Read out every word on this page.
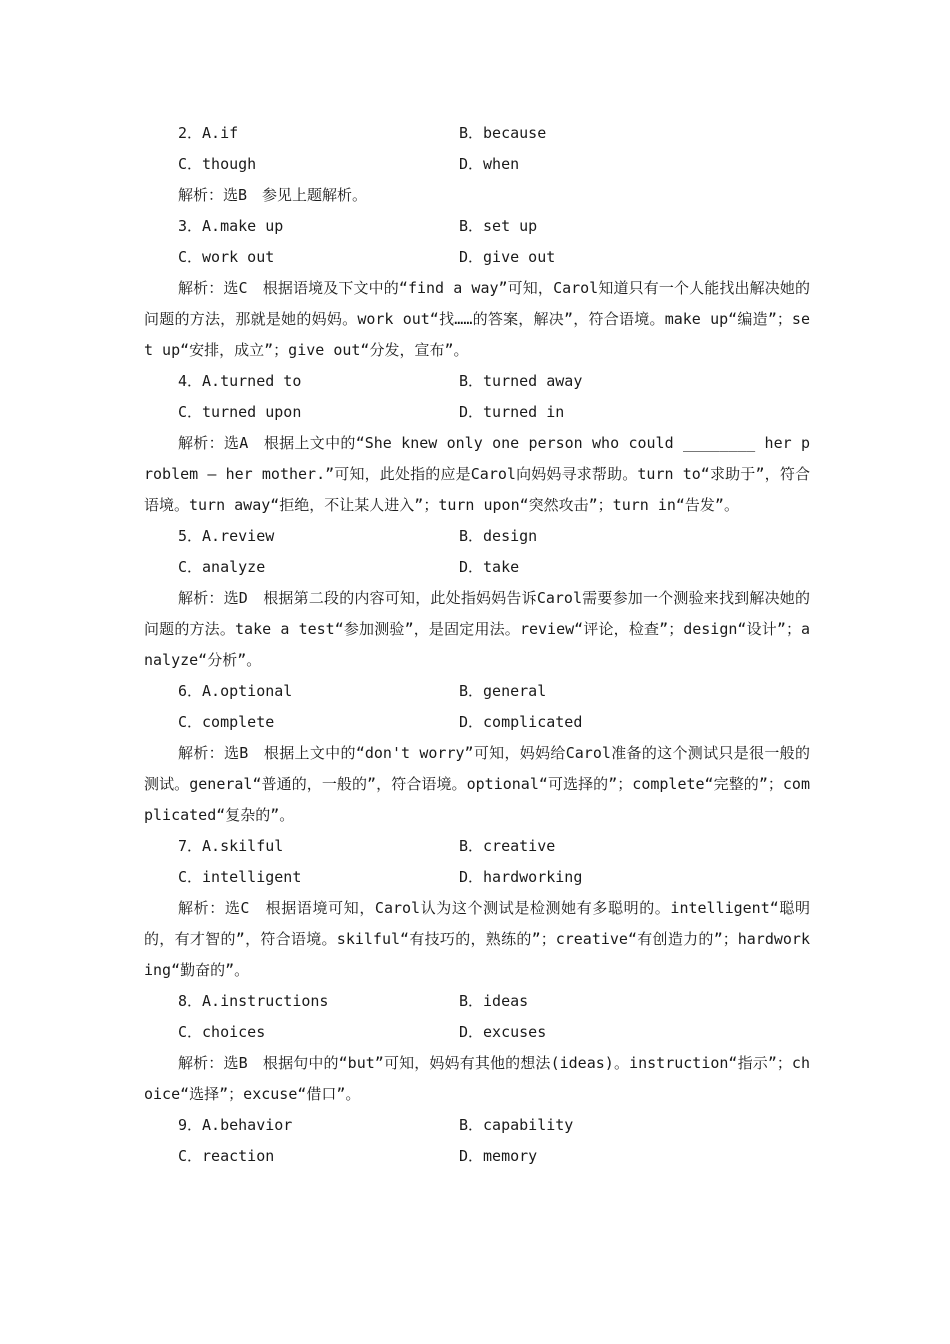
2．A.if	B．because
C．though	D．when

解析：选B　参见上题解析。

3．A.make up	B．set up
C．work out	D．give out

解析：选C　根据语境及下文中的“find a way”可知，Carol知道只有一个人能找出解决她的问题的方法，那就是她的妈妈。work out“找……的答案，解决”，符合语境。make up“编造”；set up“安排，成立”；give out“分发，宣布”。

4．A.turned to	B．turned away
C．turned upon	D．turned in

解析：选A　根据上文中的“She knew only one person who could ________ her problem — her mother.”可知，此处指的应是Carol向妈妈寻求帮助。turn to“求助于”，符合语境。turn away“拒绝，不让某人进入”；turn upon“突然攻击”；turn in“告发”。

5．A.review	B．design
C．analyze	D．take

解析：选D　根据第二段的内容可知，此处指妈妈告诉Carol需要参加一个测验来找到解决她的问题的方法。take a test“参加测验”，是固定用法。review“评论，检查”；design“设计”；analyze“分析”。

6．A.optional	B．general
C．complete	D．complicated

解析：选B　根据上文中的“don't worry”可知，妈妈给Carol准备的这个测试只是很一般的测试。general“普通的，一般的”，符合语境。optional“可选择的”；complete“完整的”；complicated“复杂的”。

7．A.skilful	B．creative
C．intelligent	D．hardworking

解析：选C　根据语境可知，Carol认为这个测试是检测她有多聪明的。intelligent“聪明的，有才智的”，符合语境。skilful“有技巧的，熟练的”；creative“有创造力的”；hardworking“勤奋的”。

8．A.instructions	B．ideas
C．choices	D．excuses

解析：选B　根据句中的“but”可知，妈妈有其他的想法(ideas)。instruction“指示”；choice“选择”；excuse“借口”。

9．A.behavior	B．capability
C．reaction	D．memory
